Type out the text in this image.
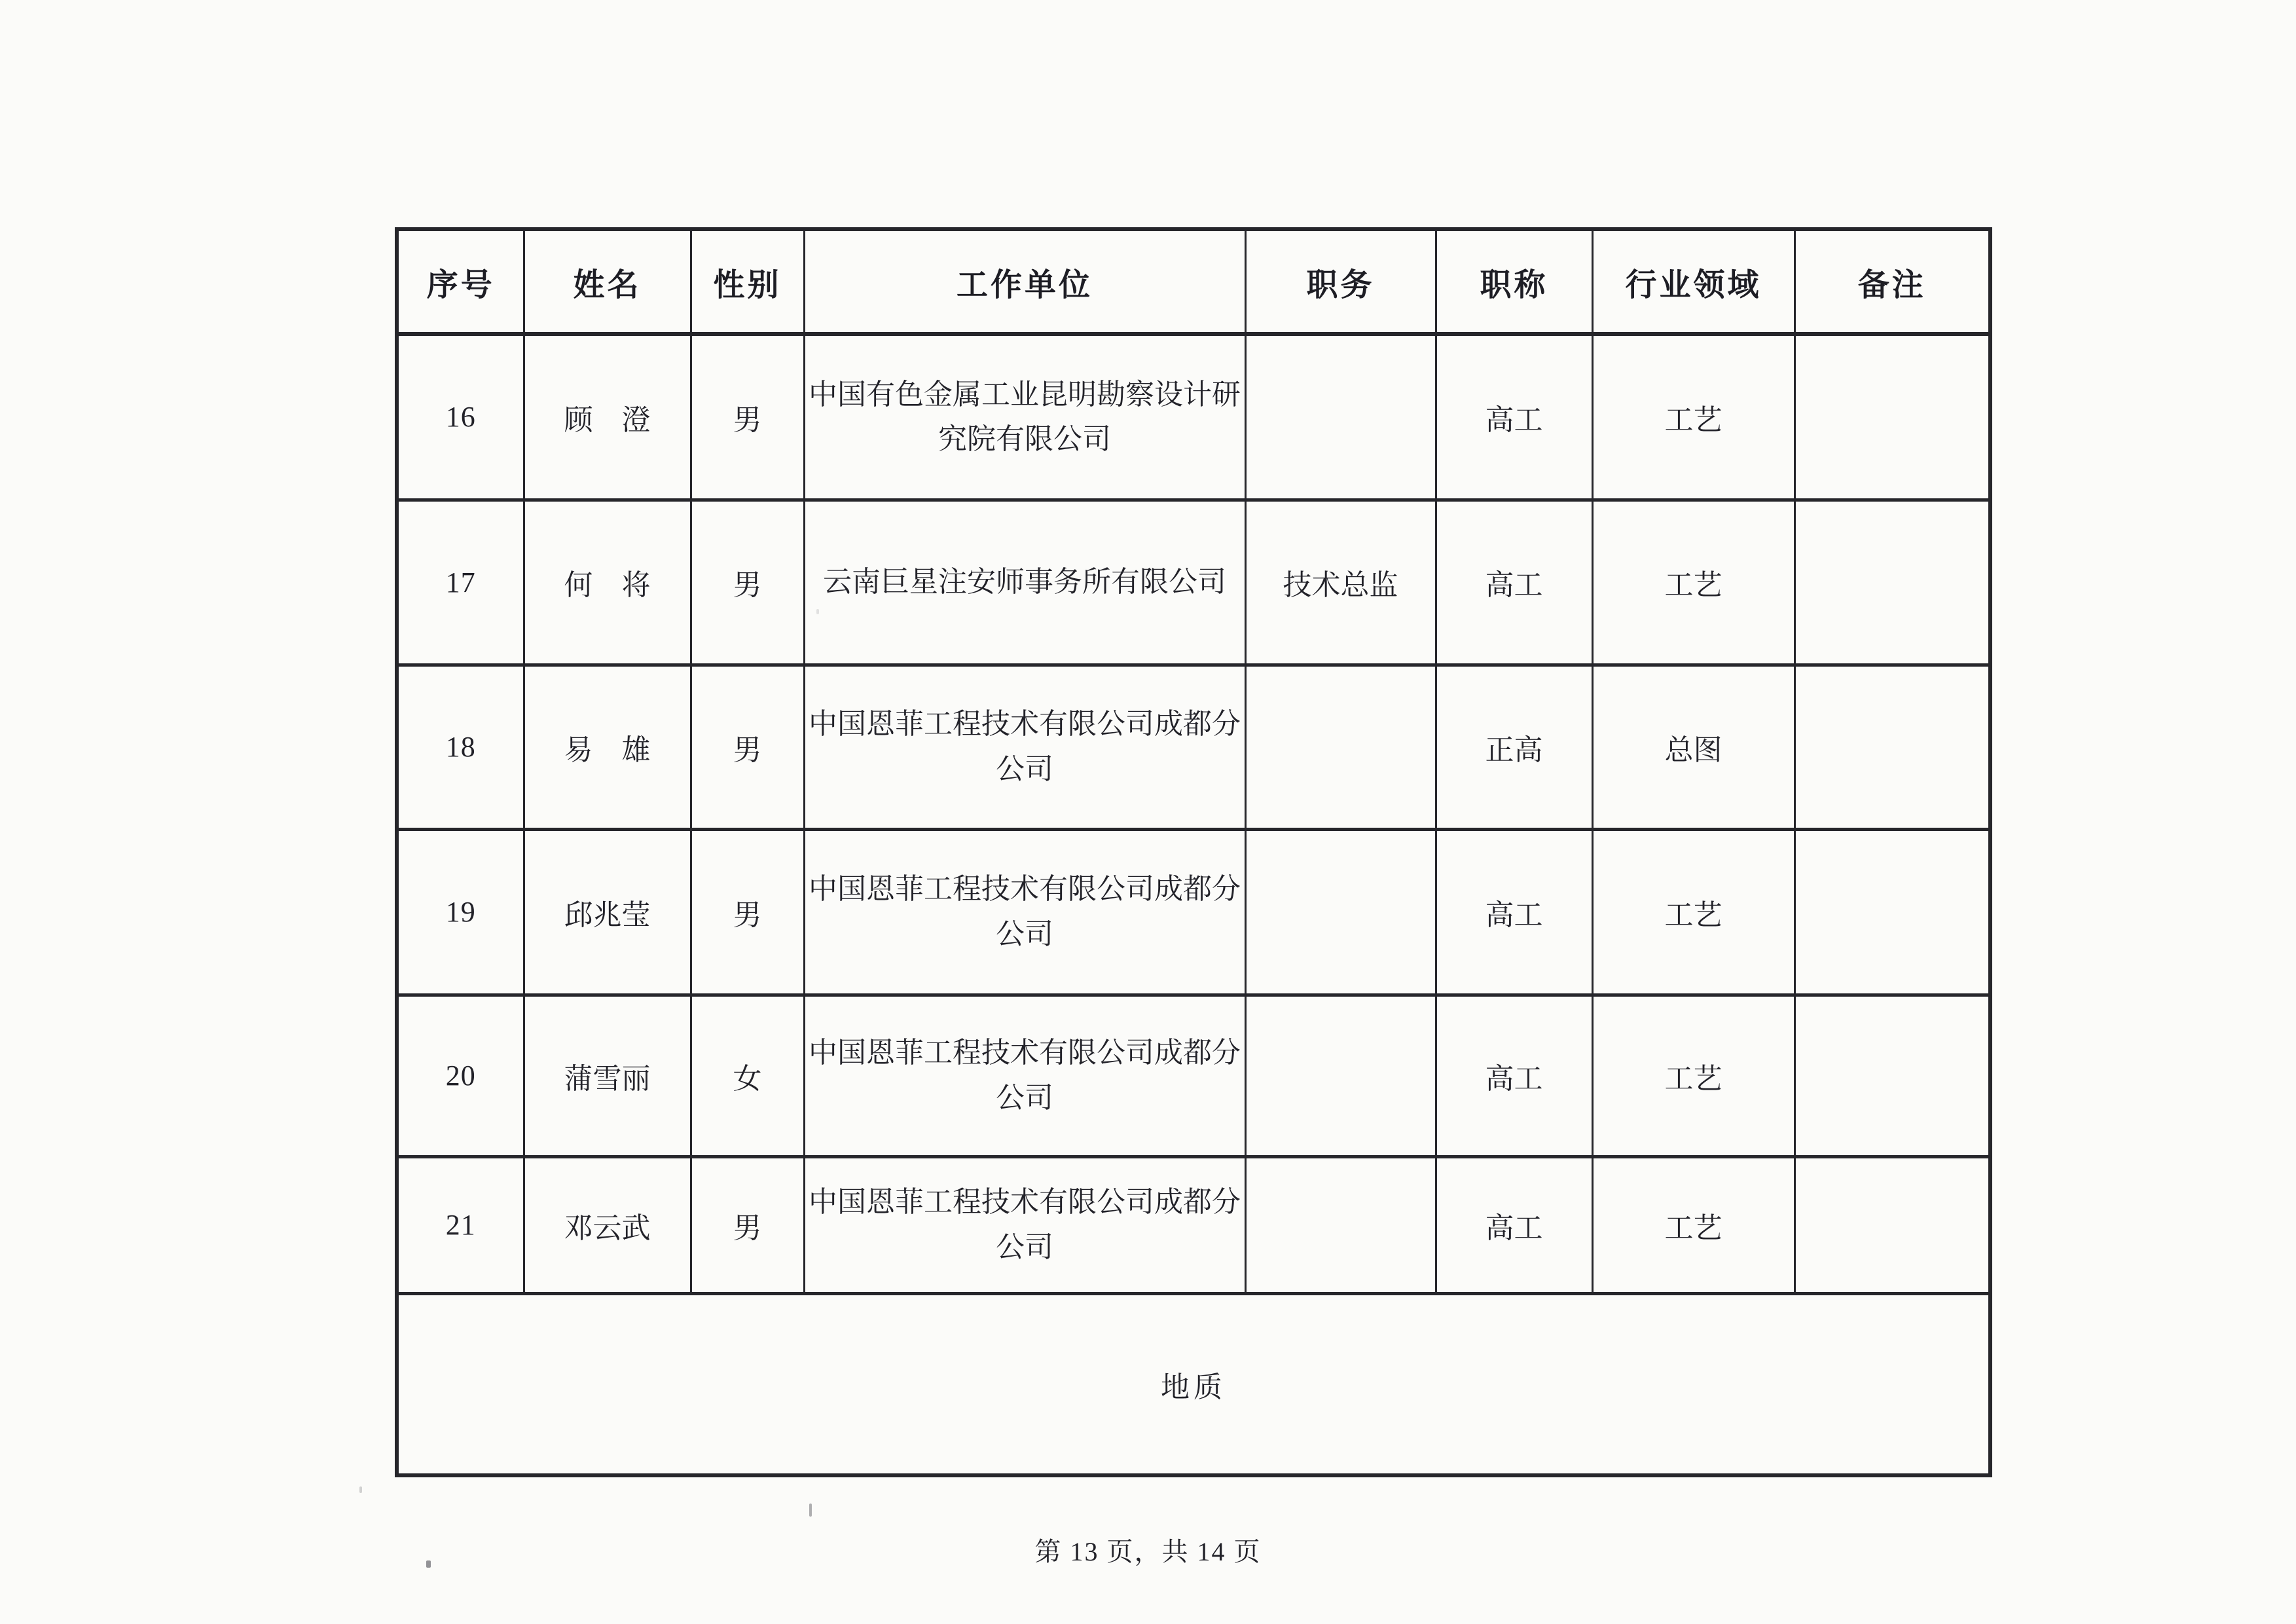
序号	姓名	性别	工作单位	职务	职称	行业领域	备注
16	顾　澄	男	中国有色金属工业昆明勘察设计研究院有限公司		高工	工艺	
17	何　将	男	云南巨星注安师事务所有限公司	技术总监	高工	工艺	
18	易　雄	男	中国恩菲工程技术有限公司成都分公司		正高	总图	
19	邱兆莹	男	中国恩菲工程技术有限公司成都分公司		高工	工艺	
20	蒲雪丽	女	中国恩菲工程技术有限公司成都分公司		高工	工艺	
21	邓云武	男	中国恩菲工程技术有限公司成都分公司		高工	工艺	
地质							
第 13 页，共 14 页
